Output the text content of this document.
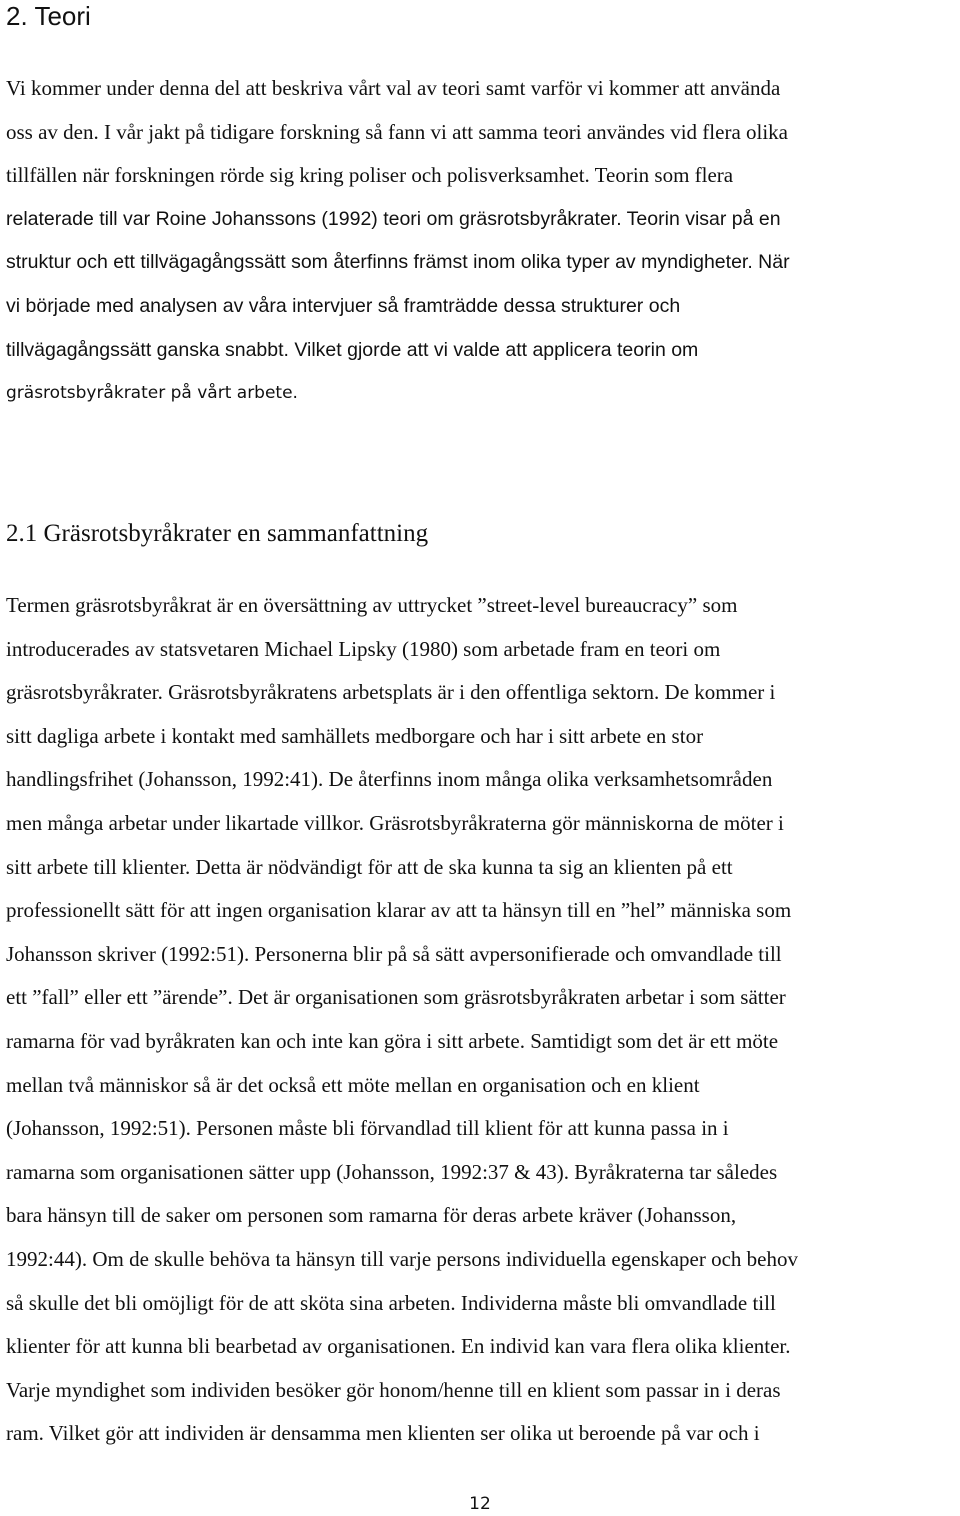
2. Teori
Vi kommer under denna del att beskriva vårt val av teori samt varför vi kommer att använda
oss av den. I vår jakt på tidigare forskning så fann vi att samma teori användes vid flera olika
tillfällen när forskningen rörde sig kring poliser och polisverksamhet. Teorin som flera
relaterade till var Roine Johanssons (1992) teori om gräsrotsbyråkrater. Teorin visar på en
struktur och ett tillvägagångssätt som återfinns främst inom olika typer av myndigheter. När
vi började med analysen av våra intervjuer så framträdde dessa strukturer och
tillvägagångssätt ganska snabbt. Vilket gjorde att vi valde att applicera teorin om
gräsrotsbyråkrater på vårt arbete.
2.1 Gräsrotsbyråkrater en sammanfattning
Termen gräsrotsbyråkrat är en översättning av uttrycket ”street-level bureaucracy” som
introducerades av statsvetaren Michael Lipsky (1980) som arbetade fram en teori om
gräsrotsbyråkrater. Gräsrotsbyråkratens arbetsplats är i den offentliga sektorn. De kommer i
sitt dagliga arbete i kontakt med samhällets medborgare och har i sitt arbete en stor
handlingsfrihet (Johansson, 1992:41). De återfinns inom många olika verksamhetsområden
men många arbetar under likartade villkor. Gräsrotsbyråkraterna gör människorna de möter i
sitt arbete till klienter. Detta är nödvändigt för att de ska kunna ta sig an klienten på ett
professionellt sätt för att ingen organisation klarar av att ta hänsyn till en ”hel” människa som
Johansson skriver (1992:51). Personerna blir på så sätt avpersonifierade och omvandlade till
ett ”fall” eller ett ”ärende”. Det är organisationen som gräsrotsbyråkraten arbetar i som sätter
ramarna för vad byråkraten kan och inte kan göra i sitt arbete. Samtidigt som det är ett möte
mellan två människor så är det också ett möte mellan en organisation och en klient
(Johansson, 1992:51). Personen måste bli förvandlad till klient för att kunna passa in i
ramarna som organisationen sätter upp (Johansson, 1992:37 & 43). Byråkraterna tar således
bara hänsyn till de saker om personen som ramarna för deras arbete kräver (Johansson,
1992:44). Om de skulle behöva ta hänsyn till varje persons individuella egenskaper och behov
så skulle det bli omöjligt för de att sköta sina arbeten. Individerna måste bli omvandlade till
klienter för att kunna bli bearbetad av organisationen. En individ kan vara flera olika klienter.
Varje myndighet som individen besöker gör honom/henne till en klient som passar in i deras
ram. Vilket gör att individen är densamma men klienten ser olika ut beroende på var och i
12
